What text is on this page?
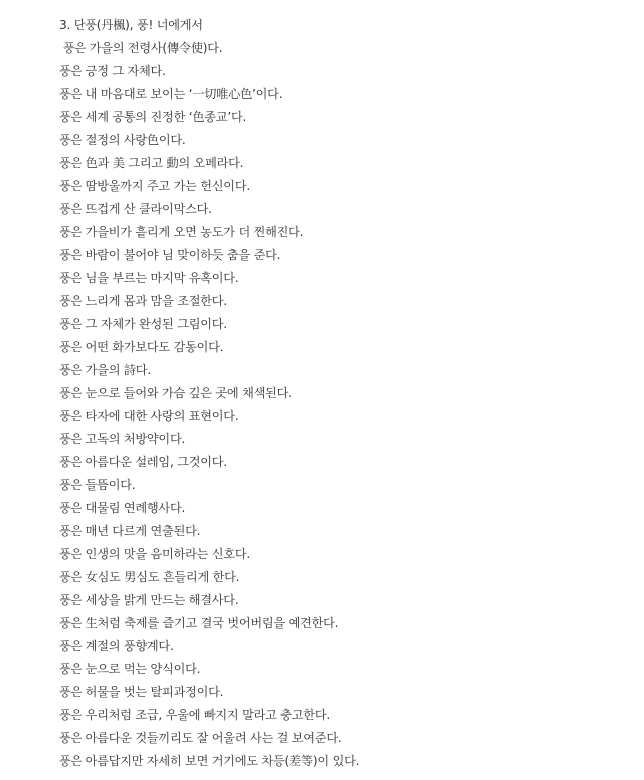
3. 단풍(丹楓), 풍! 너에게서
풍은 가을의 전령사(傳令使)다.
풍은 긍정 그 자체다.
풍은 내 마음대로 보이는 ‘一切唯心色’이다.
풍은 세계 공통의 진정한 ‘色종교’다.
풍은 절정의 사랑色이다.
풍은 色과 美 그리고 動의 오페라다.
풍은 땀방울까지 주고 가는 헌신이다.
풍은 뜨겁게 산 클라이막스다.
풍은 가을비가 흩리게 오면 농도가 더 찐해진다.
풍은 바람이 불어야 님 맞이하듯 춤을 준다.
풍은 님을 부르는 마지막 유혹이다.
풍은 느리게 몸과 맘을 조절한다.
풍은 그 자체가 완성된 그림이다.
풍은 어떤 화가보다도 감동이다.
풍은 가을의 詩다.
풍은 눈으로 들어와 가슴 깊은 곳에 채색된다.
풍은 타자에 대한 사랑의 표현이다.
풍은 고독의 처방약이다.
풍은 아름다운 설레임, 그것이다.
풍은 들뜸이다.
풍은 대물림 연례행사다.
풍은 매년 다르게 연출된다.
풍은 인생의 맛을 음미하라는 신호다.
풍은 女심도 男심도 흔들리게 한다.
풍은 세상을 밝게 만드는 해결사다.
풍은 生처럼 축제를 즐기고 결국 벗어버림을 예견한다.
풍은 계절의 풍향계다.
풍은 눈으로 먹는 양식이다.
풍은 허물을 벗는 탈피과정이다.
풍은 우리처럼 조급, 우울에 빠지지 말라고 충고한다.
풍은 아름다운 것들끼리도 잘 어울려 사는 걸 보여준다.
풍은 아름답지만 자세히 보면 거기에도 차등(差等)이 있다.
